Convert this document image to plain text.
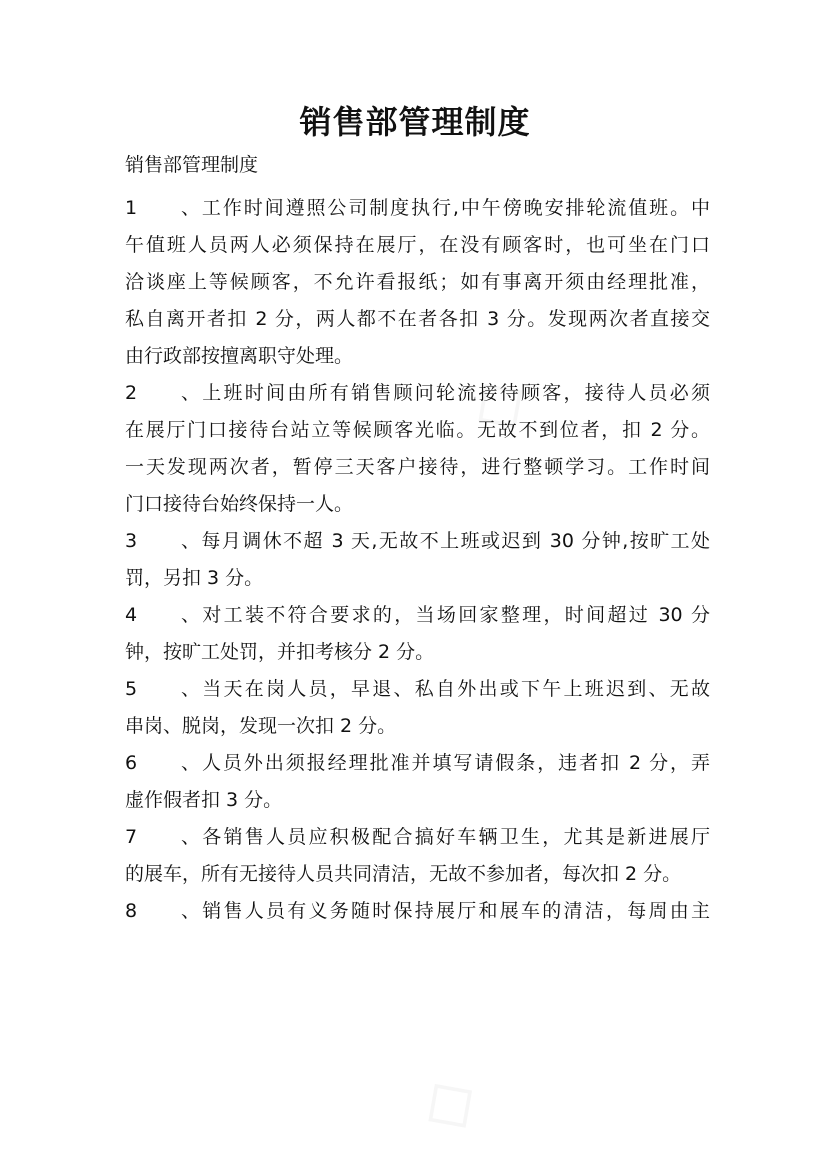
销售部管理制度
销售部管理制度
1、工作时间遵照公司制度执行,中午傍晚安排轮流值班。中
午值班人员两人必须保持在展厅，在没有顾客时，也可坐在门口
洽谈座上等候顾客，不允许看报纸；如有事离开须由经理批准，
私自离开者扣 2 分，两人都不在者各扣 3 分。发现两次者直接交
由行政部按擅离职守处理。
2、上班时间由所有销售顾问轮流接待顾客，接待人员必须
在展厅门口接待台站立等候顾客光临。无故不到位者，扣 2 分。
一天发现两次者，暂停三天客户接待，进行整顿学习。工作时间
门口接待台始终保持一人。
3、每月调休不超 3 天,无故不上班或迟到 30 分钟,按旷工处
罚，另扣 3 分。
4、对工装不符合要求的，当场回家整理，时间超过 30 分
钟，按旷工处罚，并扣考核分 2 分。
5、当天在岗人员，早退、私自外出或下午上班迟到、无故
串岗、脱岗，发现一次扣 2 分。
6、人员外出须报经理批准并填写请假条，违者扣 2 分，弄
虚作假者扣 3 分。
7、各销售人员应积极配合搞好车辆卫生，尤其是新进展厅
的展车，所有无接待人员共同清洁，无故不参加者，每次扣 2 分。
8、销售人员有义务随时保持展厅和展车的清洁，每周由主
